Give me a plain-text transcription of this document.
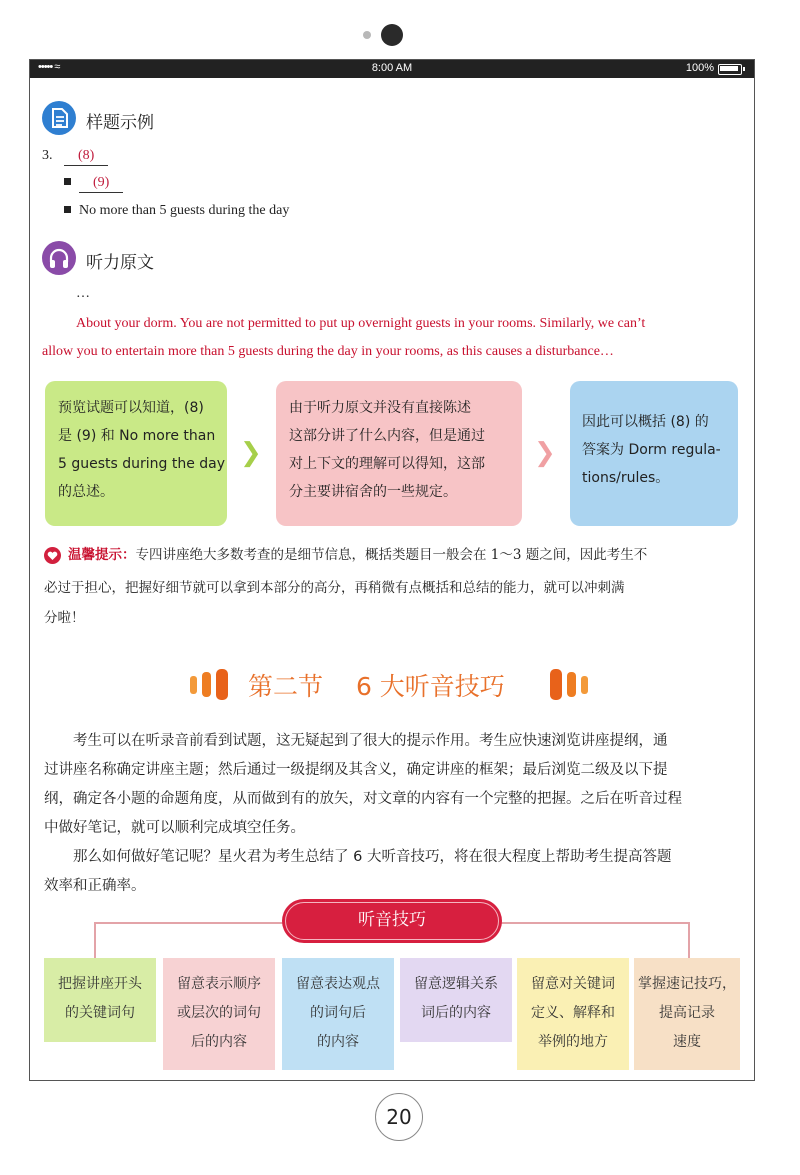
••••• ≈	8:00 AM	100%
样题示例
3. (8)
(9)
No more than 5 guests during the day
听力原文
…
About your dorm. You are not permitted to put up overnight guests in your rooms. Similarly, we can’t
allow you to entertain more than 5 guests during the day in your rooms, as this causes a disturbance…
预览试题可以知道，(8)
是 (9) 和 No more than
5 guests during the day
的总述。
❯
由于听力原文并没有直接陈述
这部分讲了什么内容，但是通过
对上下文的理解可以得知，这部
分主要讲宿舍的一些规定。
❯
因此可以概括 (8) 的
答案为 Dorm regula-
tions/rules。
温馨提示：专四讲座绝大多数考查的是细节信息，概括类题目一般会在 1～3 题之间，因此考生不
必过于担心，把握好细节就可以拿到本部分的高分，再稍微有点概括和总结的能力，就可以冲刺满
分啦！
第二节　 6 大听音技巧
　　考生可以在听录音前看到试题，这无疑起到了很大的提示作用。考生应快速浏览讲座提纲，通
过讲座名称确定讲座主题；然后通过一级提纲及其含义，确定讲座的框架；最后浏览二级及以下提
纲，确定各小题的命题角度，从而做到有的放矢，对文章的内容有一个完整的把握。之后在听音过程
中做好笔记，就可以顺利完成填空任务。
　　那么如何做好笔记呢？星火君为考生总结了 6 大听音技巧，将在很大程度上帮助考生提高答题
效率和正确率。
听音技巧
把握讲座开头
的关键词句
留意表示顺序
或层次的词句
后的内容
留意表达观点
的词句后
的内容
留意逻辑关系
词后的内容
留意对关键词
定义、解释和
举例的地方
掌握速记技巧，
提高记录
速度
20
